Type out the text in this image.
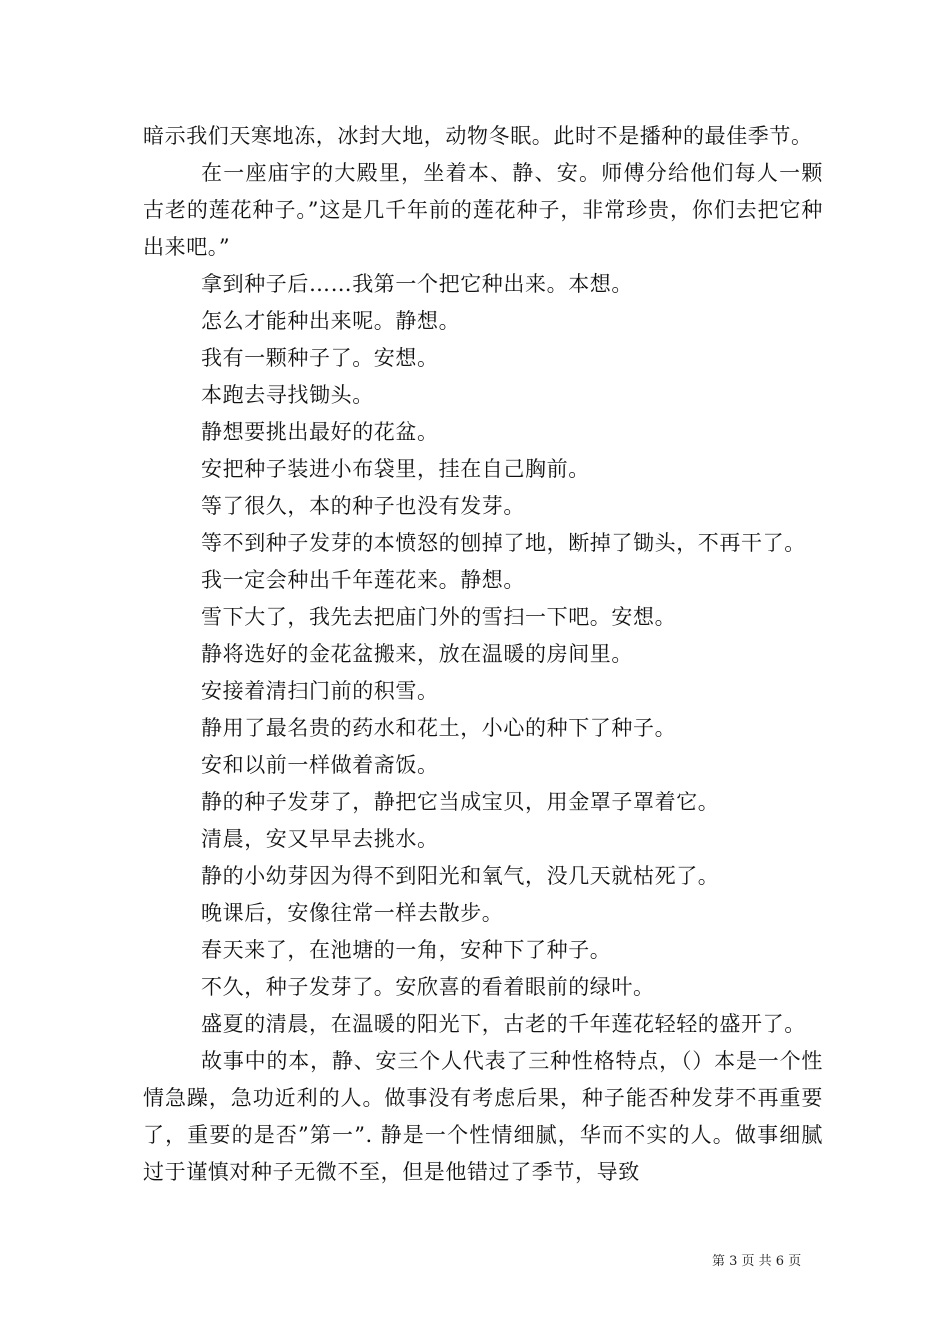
暗示我们天寒地冻，冰封大地，动物冬眠。此时不是播种的最佳季节。

在一座庙宇的大殿里，坐着本、静、安。师傅分给他们每人一颗古老的莲花种子。”这是几千年前的莲花种子，非常珍贵，你们去把它种出来吧。”

拿到种子后……我第一个把它种出来。本想。

怎么才能种出来呢。静想。

我有一颗种子了。安想。

本跑去寻找锄头。

静想要挑出最好的花盆。

安把种子装进小布袋里，挂在自己胸前。

等了很久，本的种子也没有发芽。

等不到种子发芽的本愤怒的刨掉了地，断掉了锄头，不再干了。

我一定会种出千年莲花来。静想。

雪下大了，我先去把庙门外的雪扫一下吧。安想。

静将选好的金花盆搬来，放在温暖的房间里。

安接着清扫门前的积雪。

静用了最名贵的药水和花土，小心的种下了种子。

安和以前一样做着斋饭。

静的种子发芽了，静把它当成宝贝，用金罩子罩着它。

清晨，安又早早去挑水。

静的小幼芽因为得不到阳光和氧气，没几天就枯死了。

晚课后，安像往常一样去散步。

春天来了，在池塘的一角，安种下了种子。

不久，种子发芽了。安欣喜的看着眼前的绿叶。

盛夏的清晨，在温暖的阳光下，古老的千年莲花轻轻的盛开了。

故事中的本，静、安三个人代表了三种性格特点，（）本是一个性情急躁，急功近利的人。做事没有考虑后果，种子能否种发芽不再重要了，重要的是否”第一”. 静是一个性情细腻，华而不实的人。做事细腻过于谨慎对种子无微不至，但是他错过了季节，导致

第 3 页 共 6 页
